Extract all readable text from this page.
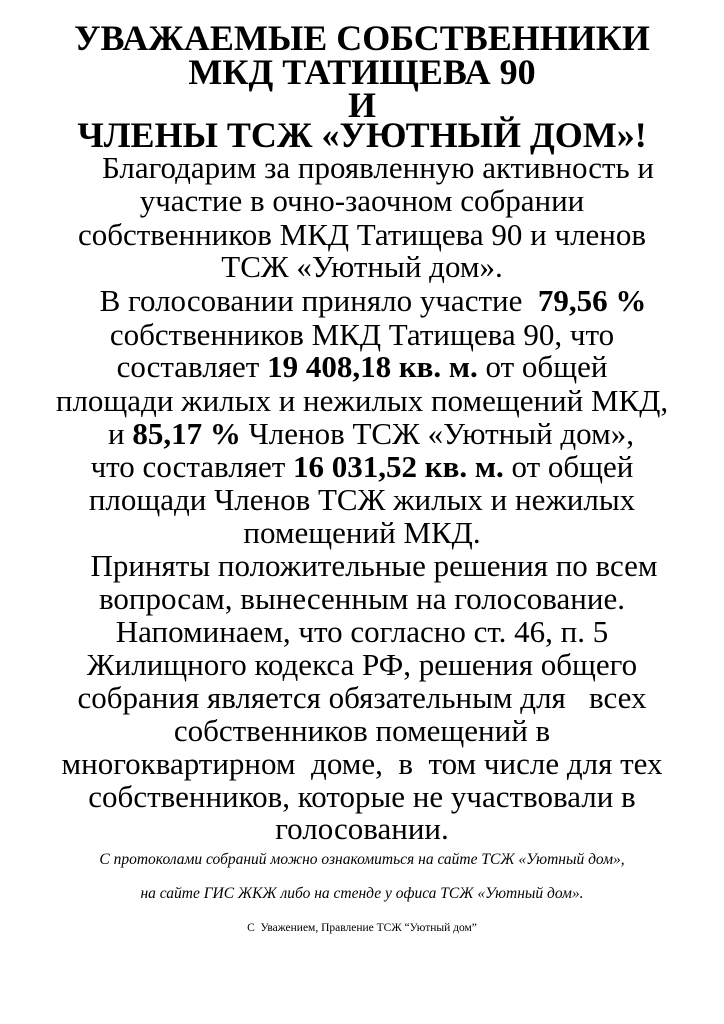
УВАЖАЕМЫЕ СОБСТВЕННИКИ
МКД ТАТИЩЕВА 90
И
ЧЛЕНЫ ТСЖ «УЮТНЫЙ ДОМ»!
Благодарим за проявленную активность и
участие в очно-заочном собрании
собственников МКД Татищева 90 и членов
ТСЖ «Уютный дом».
В голосовании приняло участие  79,56 %
собственников МКД Татищева 90, что
составляет 19 408,18 кв. м. от общей
площади жилых и нежилых помещений МКД,
и 85,17 % Членов ТСЖ «Уютный дом»,
что составляет 16 031,52 кв. м. от общей
площади Членов ТСЖ жилых и нежилых
помещений МКД.
Приняты положительные решения по всем
вопросам, вынесенным на голосование.
Напоминаем, что согласно ст. 46, п. 5
Жилищного кодекса РФ, решения общего
собрания является обязательным для   всех
собственников помещений в
многоквартирном  доме,  в  том числе для тех
собственников, которые не участвовали в
голосовании.
С протоколами собраний можно ознакомиться на сайте ТСЖ «Уютный дом»,
на сайте ГИС ЖКЖ либо на стенде у офиса ТСЖ «Уютный дом».
С  Уважением, Правление ТСЖ “Уютный дом”
